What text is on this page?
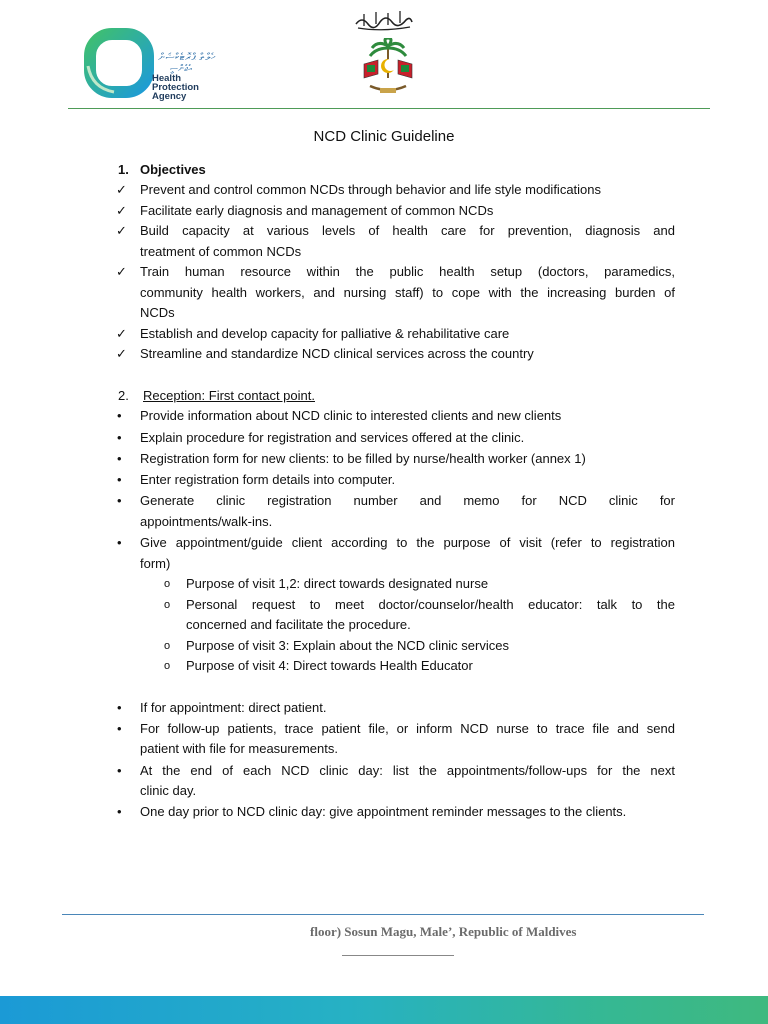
ހެލްތް ޕްރޮޓެކްޝަން
އެޖެންސީ
Health
Protection
Agency
NCD Clinic Guideline
1. Objectives
✓ Prevent and control common NCDs through behavior and life style modifications
✓ Facilitate early diagnosis and management of common NCDs
✓ Build capacity at various levels of health care for prevention, diagnosis and
treatment of common NCDs
✓ Train human resource within the public health setup (doctors, paramedics,
community health workers, and nursing staff) to cope with the increasing burden of
NCDs
✓ Establish and develop capacity for palliative & rehabilitative care
✓ Streamline and standardize NCD clinical services across the country
2. Reception: First contact point.
• Provide information about NCD clinic to interested clients and new clients
• Explain procedure for registration and services offered at the clinic.
• Registration form for new clients: to be filled by nurse/health worker (annex 1)
• Enter registration form details into computer.
• Generate clinic registration number and memo for NCD clinic for
appointments/walk-ins.
• Give appointment/guide client according to the purpose of visit (refer to registration
form)
o Purpose of visit 1,2: direct towards designated nurse
o Personal request to meet doctor/counselor/health educator: talk to the
concerned and facilitate the procedure.
o Purpose of visit 3: Explain about the NCD clinic services
o Purpose of visit 4: Direct towards Health Educator
• If for appointment: direct patient.
• For follow-up patients, trace patient file, or inform NCD nurse to trace file and send
patient with file for measurements.
• At the end of each NCD clinic day: list the appointments/follow-ups for the next
clinic day.
• One day prior to NCD clinic day: give appointment reminder messages to the clients.
floor) Sosun Magu, Male’, Republic of Maldives
